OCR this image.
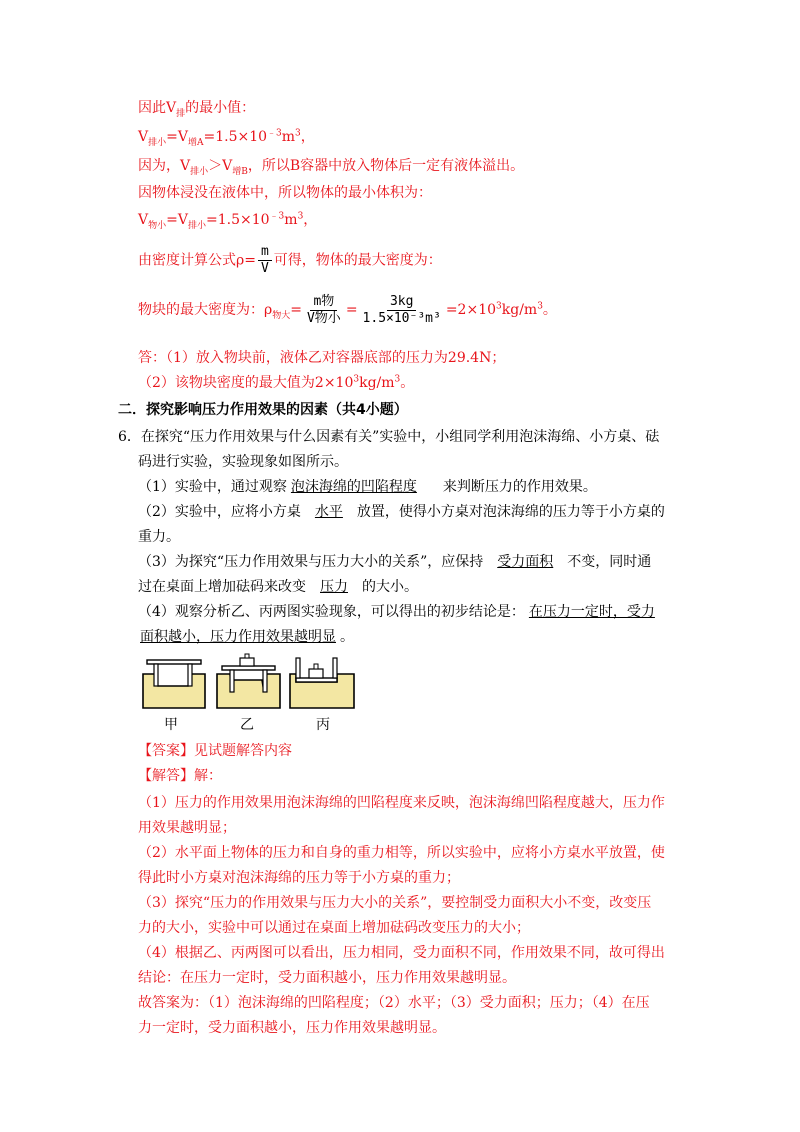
因此$V_排$的最小值：
$V_{排小}=V_{增A}=1.5\times 10^{﹣3}m^3$，
因为，$V_{排小}>V_{增B}$，所以B容器中放入物体后一定有液体溢出。
因物体浸没在液体中，所以物体的最小体积为：
$V_{物小}=V_{排小}=1.5\times 10^{﹣3}m^3$，
由密度计算公式$\rho= \frac{m}{V}$ 可得，物体的最大密度为：
物块的最大密度为：$\rho_{物大}= \frac{\text{m物}}{\text{V物小}} = \frac{3kg}{\text{1.5×10⁻³m³}} =2\times 10^3kg/m^3$。
答：（1）放入物块前，液体乙对容器底部的压力为29.4N；
（2）该物块密度的最大值为$2\times 10^3kg/m^3$。
二．探究影响压力作用效果的因素（共4小题）
6．在探究“压力作用效果与什么因素有关”实验中，小组同学利用泡沫海绵、小方桌、砝
码进行实验，实验现象如图所示。
（1）实验中，通过观察 泡沫海绵的凹陷程度 来判断压力的作用效果。
（2）实验中，应将小方桌 水平 放置，使得小方桌对泡沫海绵的压力等于小方桌的
重力。
（3）为探究“压力作用效果与压力大小的关系”，应保持 受力面积 不变，同时通
过在桌面上增加砝码来改变 压力 的大小。
（4）观察分析乙、丙两图实验现象，可以得出的初步结论是： 在压力一定时，受力
面积越小，压力作用效果越明显 。
甲	乙	丙
【答案】见试题解答内容
【解答】解：
（1）压力的作用效果用泡沫海绵的凹陷程度来反映，泡沫海绵凹陷程度越大，压力作
用效果越明显；
（2）水平面上物体的压力和自身的重力相等，所以实验中，应将小方桌水平放置，使
得此时小方桌对泡沫海绵的压力等于小方桌的重力；
（3）探究“压力的作用效果与压力大小的关系”，要控制受力面积大小不变，改变压
力的大小，实验中可以通过在桌面上增加砝码改变压力的大小；
（4）根据乙、丙两图可以看出，压力相同，受力面积不同，作用效果不同，故可得出
结论：在压力一定时，受力面积越小，压力作用效果越明显。
故答案为：（1）泡沫海绵的凹陷程度；（2）水平；（3）受力面积；压力；（4）在压
力一定时，受力面积越小，压力作用效果越明显。
